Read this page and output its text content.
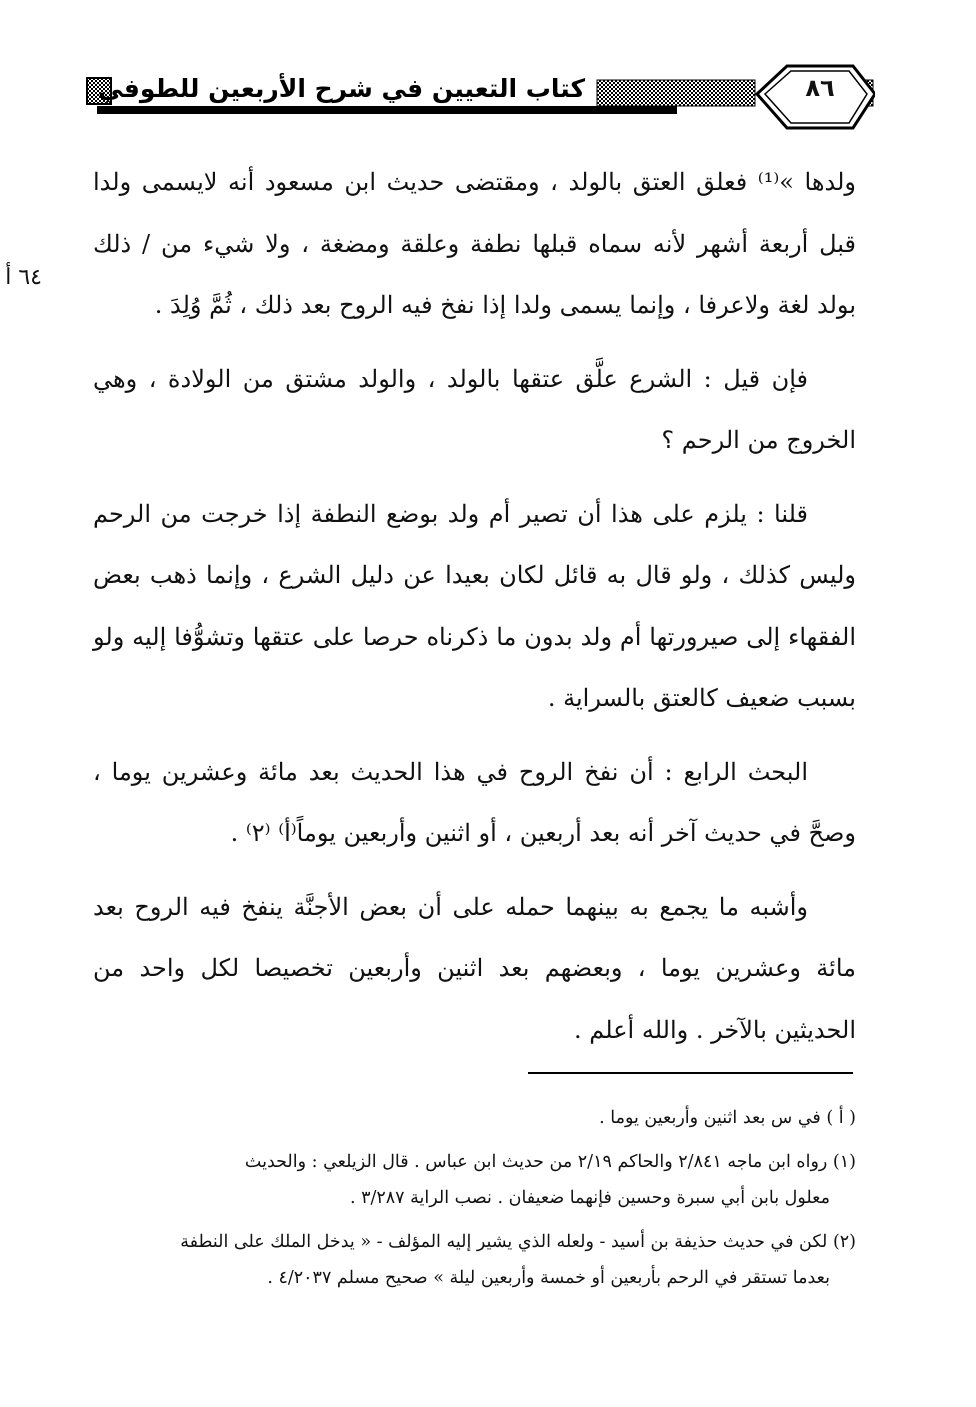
كتاب التعيين في شرح الأربعين للطوفي	٨٦
٦٤ أ

ولدها »⁽¹⁾ فعلق العتق بالولد ، ومقتضى حديث ابن مسعود أنه لايسمى ولدا قبل أربعة أشهر لأنه سماه قبلها نطفة وعلقة ومضغة ، ولا شيء من / ذلك بولد لغة ولاعرفا ، وإنما يسمى ولدا إذا نفخ فيه الروح بعد ذلك ، ثُمَّ وُلِدَ .

فإن قيل : الشرع علَّق عتقها بالولد ، والولد مشتق من الولادة ، وهي الخروج من الرحم ؟

قلنا : يلزم على هذا أن تصير أم ولد بوضع النطفة إذا خرجت من الرحم وليس كذلك ، ولو قال به قائل لكان بعيدا عن دليل الشرع ، وإنما ذهب بعض الفقهاء إلى صيرورتها أم ولد بدون ما ذكرناه حرصا على عتقها وتشوُّفا إليه ولو بسبب ضعيف كالعتق بالسراية .

البحث الرابع : أن نفخ الروح في هذا الحديث بعد مائة وعشرين يوما ، وصحَّ في حديث آخر أنه بعد أربعين ، أو اثنين وأربعين يوماً⁽أ⁾ ⁽٢⁾ .

وأشبه ما يجمع به بينهما حمله على أن بعض الأجنَّة ينفخ فيه الروح بعد مائة وعشرين يوما ، وبعضهم بعد اثنين وأربعين تخصيصا لكل واحد من الحديثين بالآخر . والله أعلم .

( أ ) في س بعد اثنين وأربعين يوما .

(١) رواه ابن ماجه ٢/٨٤١ والحاكم ٢/١٩ من حديث ابن عباس . قال الزيلعي : والحديث

معلول بابن أبي سبرة وحسين فإنهما ضعيفان . نصب الراية ٣/٢٨٧ .

(٢) لكن في حديث حذيفة بن أسيد - ولعله الذي يشير إليه المؤلف - « يدخل الملك على النطفة

بعدما تستقر في الرحم بأربعين أو خمسة وأربعين ليلة » صحيح مسلم ٤/٢٠٣٧ .
